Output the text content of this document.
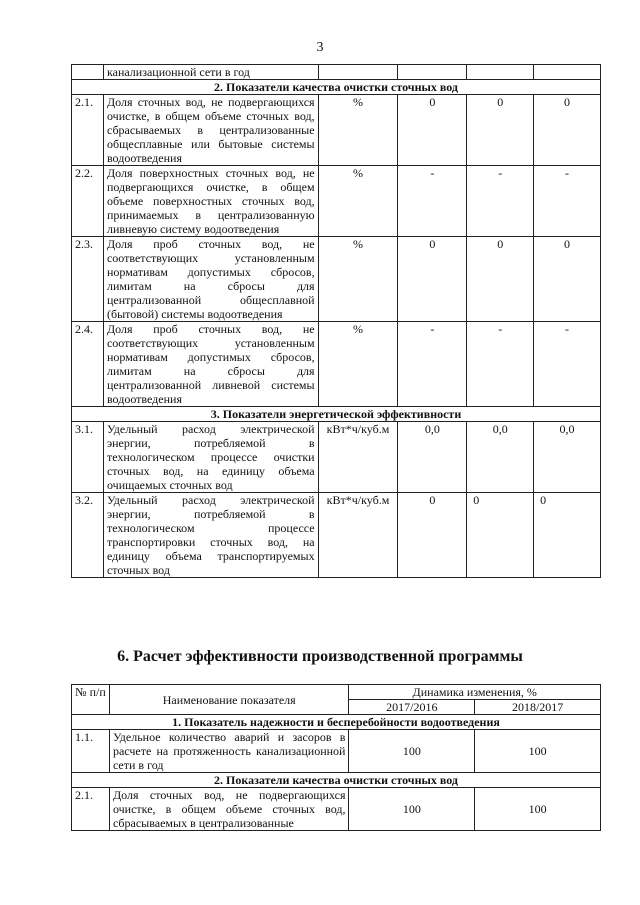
3
	канализационной сети в год				
2. Показатели качества очистки сточных вод					
2.1.	Доля сточных вод, не подвергающихся очистке, в общем объеме сточных вод, сбрасываемых в централизованные общесплавные или бытовые системы водоотведения	%	0	0	0
2.2.	Доля поверхностных сточных вод, не подвергающихся очистке, в общем объеме поверхностных сточных вод, принимаемых в централизованную ливневую систему водоотведения	%	-	-	-
2.3.	Доля проб сточных вод, не соответствующих установленным нормативам допустимых сбросов, лимитам на сбросы для централизованной общесплавной (бытовой) системы водоотведения	%	0	0	0
2.4.	Доля проб сточных вод, не соответствующих установленным нормативам допустимых сбросов, лимитам на сбросы для централизованной ливневой системы водоотведения	%	-	-	-
3. Показатели энергетической эффективности					
3.1.	Удельный расход электрической энергии, потребляемой в технологическом процессе очистки сточных вод, на единицу объема очищаемых сточных вод	кВт*ч/куб.м	0,0	0,0	0,0
3.2.	Удельный расход электрической энергии, потребляемой в технологическом процессе транспортировки сточных вод, на единицу объема транспортируемых сточных вод	кВт*ч/куб.м	0	0	0
6. Расчет эффективности производственной программы
№ п/п	Наименование показателя	Динамика изменения, %	
		2017/2016	2018/2017
1. Показатель надежности и бесперебойности водоотведения			
1.1.	Удельное количество аварий и засоров в расчете на протяженность канализационной сети в год	100	100
2. Показатели качества очистки сточных вод			
2.1.	Доля сточных вод, не подвергающихся очистке, в общем объеме сточных вод, сбрасываемых в централизованные	100	100
